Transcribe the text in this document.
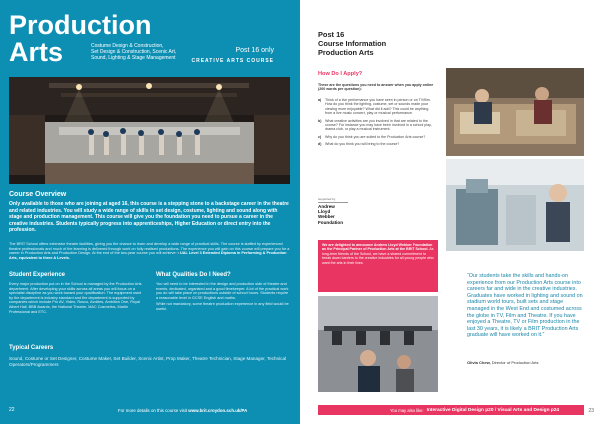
Production
Arts	Costume Design & Construction,
Set Design & Construction, Scenic Art,
Sound, Lighting & Stage Management
Post 16 only
CREATIVE ARTS COURSE
Course Overview
Only available to those who are joining at aged 16, this course is a stepping stone to a backstage career in the theatre and related industries. You will study a wide range of skills in set design, costume, lighting and sound along with stage and production management. This course will give you the foundation you need to pursue a career in the creative industries. Students typically progress into apprenticeships, Higher Education or direct entry into the profession.
The BRIT School offers extensive theatre facilities, giving you the chance to learn and develop a wide range of practical skills. The course is staffed by experienced theatre professionals and much of the learning is delivered through work on fully realised productions. The experience you will gain on this course will prepare you for a career in Production Arts and Production Design. At the end of the two-year course you will achieve: • UAL Level 3 Extended Diploma in Performing & Production Arts, equivalent to three A Levels.
Student Experience

Every major production put on in the School is managed by the Production Arts department. After developing your skills across all areas you will focus on a specialist discipline as you work toward your qualification. The equipment used by the department is industry standard and the department is supported by companies which include Pro AV, Video, Rosco, Avolites, Ambition One, Royal Albert Hall, BBB Awards, the National Theatre, MAC Cosmetics, Martin Professional and ETC.

What Qualities Do I Need?

You will need to be interested in the design and production side of theatre and events, dedicated, organised and a good timekeeper. A lot of the practical work you do will take place on productions outside of school hours. Students require a reasonable level in GCSE English and maths.

While not mandatory, some theatre production experience in any field would be useful.

Typical Careers
Sound, Costume or Set Designer, Costume Maker, Set Builder, Scenic Artist, Prop Maker, Theatre Technician, Stage Manager, Technical Operators/Programmers
22	For more details on this course visit www.brit.croydon.sch.uk/PA
Post 16
Course Information
Production Arts
How Do I Apply?
These are the questions you need to answer when you apply online (200 words per question):
a)	Think of a live performance you have seen in person or on TV/film. How do you think the lighting, costume, set or sounds made your viewing more enjoyable? What did it add? This could be anything from a live music concert, play or musical performance.
b) What creative activities are you involved in that are related to the course? For instance you may have been involved in a school play, drama club, or play a musical instrument.
c)	Why do you think you are suited to the Production Arts course?
d) What do you think you will bring to the course?
supported by
Andrew
Lloyd
Webber
Foundation

We are delighted to announce Andrew Lloyd Webber Foundation as the Principal Partner of Production Arts at the BRIT School. As long-term friends of the School, we have a shared commitment to break down barriers to the creative industries for all young people who want the arts in their lives.

“Our students take the skills and hands-on experience from our Production Arts course into careers far and wide in the creative industries. Graduates have worked in lighting and sound on stadium world tours, built sets and stage managed in the West End and costumed across the globe in TV, Film and Theatre. If you have enjoyed a Theatre, TV or Film production in the last 30 years, it is likely a BRIT Production Arts graduate will have worked on it.”
Olivia Chew, Director of Production Arts
You may also like: Interactive Digital Design p20 / Visual Arts and Design p24	23
